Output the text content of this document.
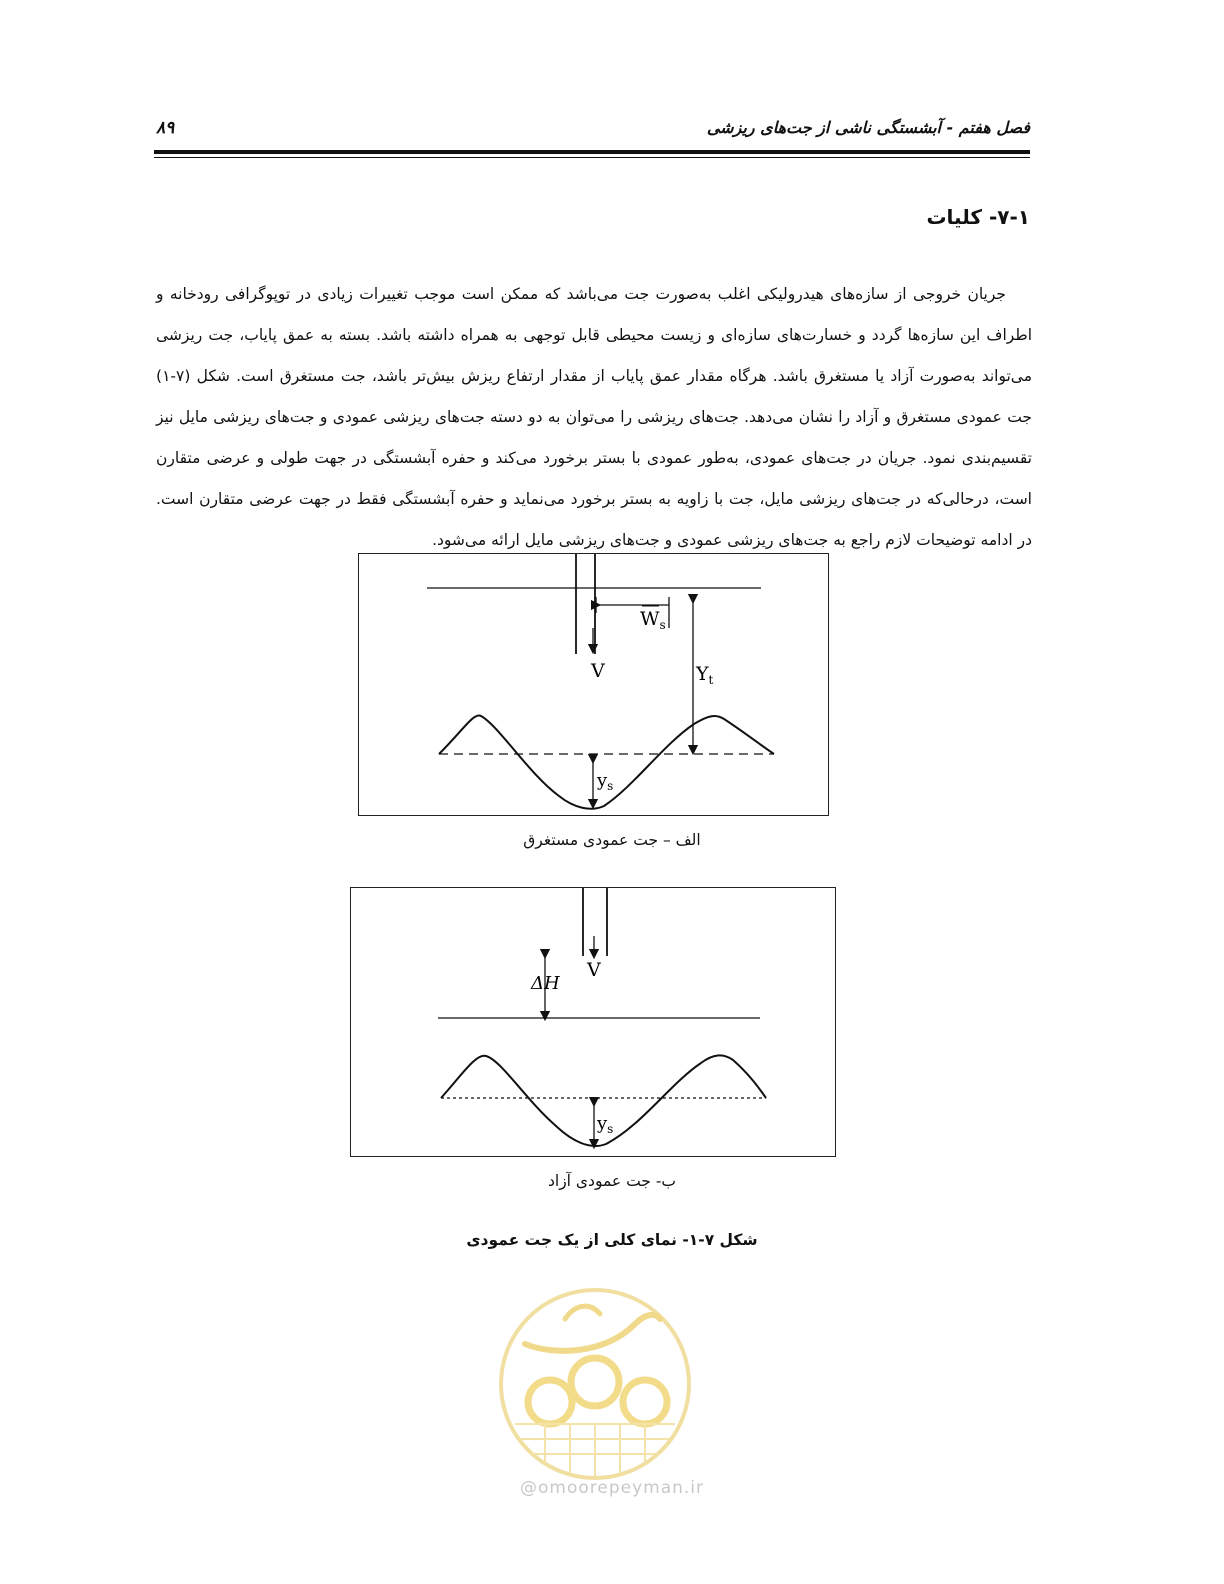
فصل هفتم - آبشستگی ناشی از جت‌های ریزشی
۸۹
۷-۱- کلیات

جریان خروجی از سازه‌های هیدرولیکی اغلب به‌صورت جت می‌باشد که ممکن است موجب تغییرات زیادی در توپوگرافی رودخانه و اطراف این سازه‌ها گردد و خسارت‌های سازه‌ای و زیست محیطی قابل توجهی به همراه داشته باشد. بسته به عمق پایاب، جت ریزشی می‌تواند به‌صورت آزاد یا مستغرق باشد. هرگاه مقدار عمق پایاب از مقدار ارتفاع ریزش بیش‌تر باشد، جت مستغرق است. شکل (۷-۱) جت عمودی مستغرق و آزاد را نشان می‌دهد. جت‌های ریزشی را می‌توان به دو دسته جت‌های ریزشی عمودی و جت‌های ریزشی مایل نیز تقسیم‌بندی نمود. جریان در جت‌های عمودی، به‌طور عمودی با بستر برخورد می‌کند و حفره آبشستگی در جهت طولی و عرضی متقارن است، درحالی‌که در جت‌های ریزشی مایل، جت با زاویه به بستر برخورد می‌نماید و حفره آبشستگی فقط در جهت عرضی متقارن است. در ادامه توضیحات لازم راجع به جت‌های ریزشی عمودی و جت‌های ریزشی مایل ارائه می‌شود.

V
$W_s$
$Y_t$
$y_s$
الف – جت عمودی مستغرق
V
ΔH
$y_s$
ب- جت عمودی آزاد
شکل ۷-۱- نمای کلی از یک جت عمودی
@omoorepeyman.ir
